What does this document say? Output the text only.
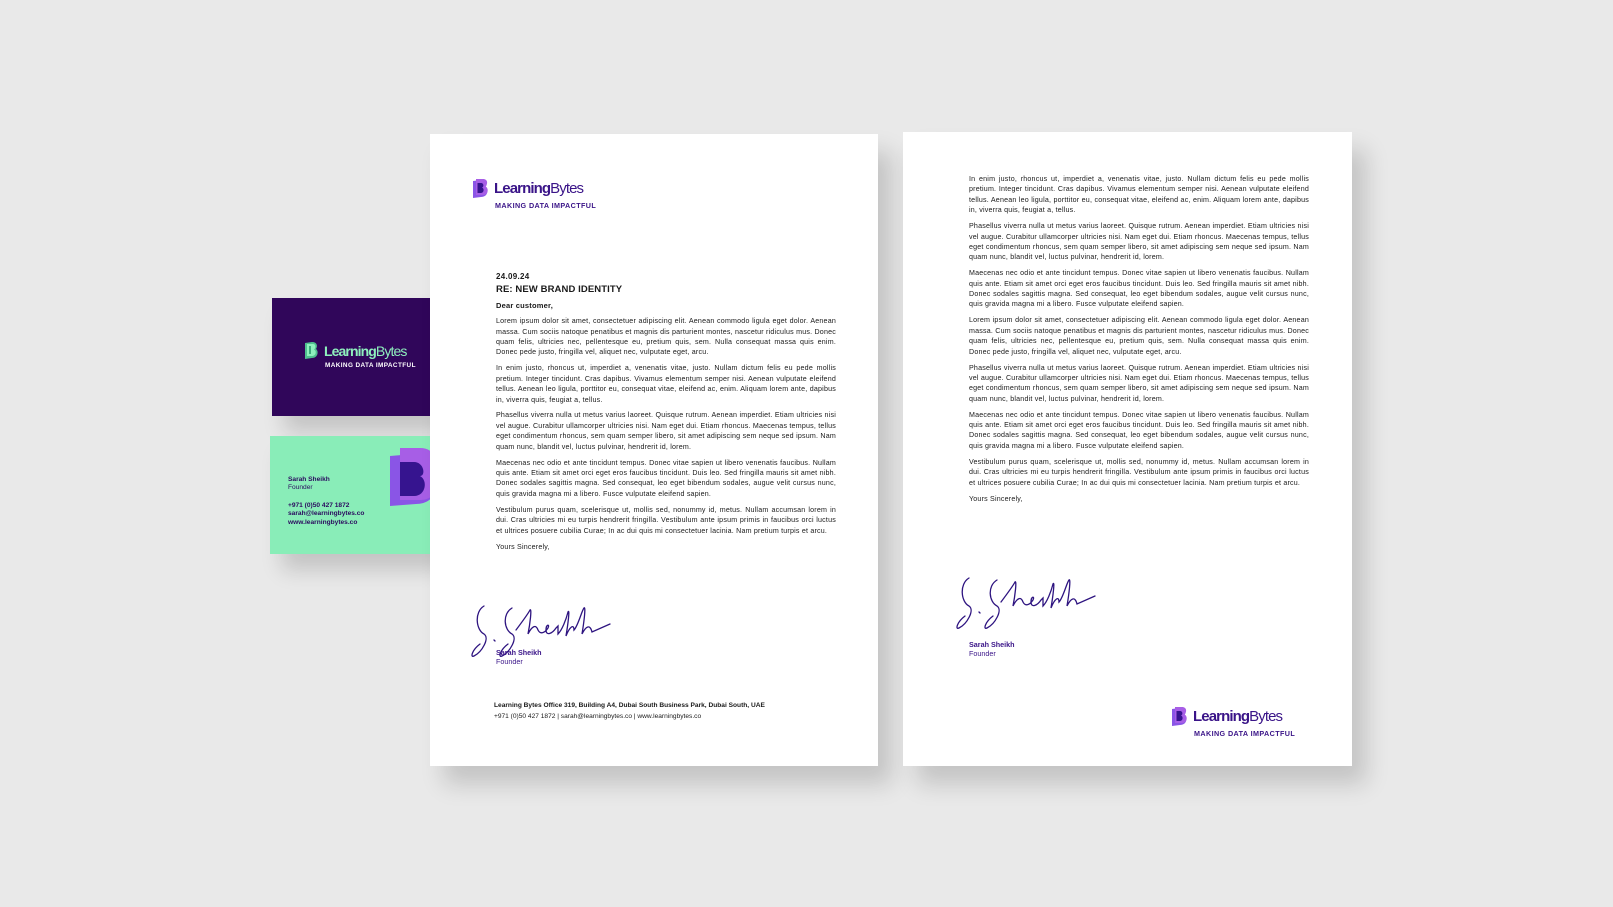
LearningBytes
MAKING DATA IMPACTFUL
Sarah Sheikh
Founder
+971 (0)50 427 1872
sarah@learningbytes.co
www.learningbytes.co
LearningBytes
MAKING DATA IMPACTFUL
24.09.24
RE: NEW BRAND IDENTITY
Dear customer,

Lorem ipsum dolor sit amet, consectetuer adipiscing elit. Aenean commodo ligula eget dolor. Aenean massa. Cum sociis natoque penatibus et magnis dis parturient montes, nascetur ridiculus mus. Donec quam felis, ultricies nec, pellentesque eu, pretium quis, sem. Nulla consequat massa quis enim. Donec pede justo, fringilla vel, aliquet nec, vulputate eget, arcu.

In enim justo, rhoncus ut, imperdiet a, venenatis vitae, justo. Nullam dictum felis eu pede mollis pretium. Integer tincidunt. Cras dapibus. Vivamus elementum semper nisi. Aenean vulputate eleifend tellus. Aenean leo ligula, porttitor eu, consequat vitae, eleifend ac, enim. Aliquam lorem ante, dapibus in, viverra quis, feugiat a, tellus.

Phasellus viverra nulla ut metus varius laoreet. Quisque rutrum. Aenean imperdiet. Etiam ultricies nisi vel augue. Curabitur ullamcorper ultricies nisi. Nam eget dui. Etiam rhoncus. Maecenas tempus, tellus eget condimentum rhoncus, sem quam semper libero, sit amet adipiscing sem neque sed ipsum. Nam quam nunc, blandit vel, luctus pulvinar, hendrerit id, lorem.

Maecenas nec odio et ante tincidunt tempus. Donec vitae sapien ut libero venenatis faucibus. Nullam quis ante. Etiam sit amet orci eget eros faucibus tincidunt. Duis leo. Sed fringilla mauris sit amet nibh. Donec sodales sagittis magna. Sed consequat, leo eget bibendum sodales, augue velit cursus nunc, quis gravida magna mi a libero. Fusce vulputate eleifend sapien.

Vestibulum purus quam, scelerisque ut, mollis sed, nonummy id, metus. Nullam accumsan lorem in dui. Cras ultricies mi eu turpis hendrerit fringilla. Vestibulum ante ipsum primis in faucibus orci luctus et ultrices posuere cubilia Curae; In ac dui quis mi consectetuer lacinia. Nam pretium turpis et arcu.

Yours Sincerely,
Sarah Sheikh
Founder
Learning Bytes Office 319, Building A4, Dubai South Business Park, Dubai South, UAE
+971 (0)50 427 1872 | sarah@learningbytes.co | www.learningbytes.co

In enim justo, rhoncus ut, imperdiet a, venenatis vitae, justo. Nullam dictum felis eu pede mollis pretium. Integer tincidunt. Cras dapibus. Vivamus elementum semper nisi. Aenean vulputate eleifend tellus. Aenean leo ligula, porttitor eu, consequat vitae, eleifend ac, enim. Aliquam lorem ante, dapibus in, viverra quis, feugiat a, tellus.

Phasellus viverra nulla ut metus varius laoreet. Quisque rutrum. Aenean imperdiet. Etiam ultricies nisi vel augue. Curabitur ullamcorper ultricies nisi. Nam eget dui. Etiam rhoncus. Maecenas tempus, tellus eget condimentum rhoncus, sem quam semper libero, sit amet adipiscing sem neque sed ipsum. Nam quam nunc, blandit vel, luctus pulvinar, hendrerit id, lorem.

Maecenas nec odio et ante tincidunt tempus. Donec vitae sapien ut libero venenatis faucibus. Nullam quis ante. Etiam sit amet orci eget eros faucibus tincidunt. Duis leo. Sed fringilla mauris sit amet nibh. Donec sodales sagittis magna. Sed consequat, leo eget bibendum sodales, augue velit cursus nunc, quis gravida magna mi a libero. Fusce vulputate eleifend sapien.

Lorem ipsum dolor sit amet, consectetuer adipiscing elit. Aenean commodo ligula eget dolor. Aenean massa. Cum sociis natoque penatibus et magnis dis parturient montes, nascetur ridiculus mus. Donec quam felis, ultricies nec, pellentesque eu, pretium quis, sem. Nulla consequat massa quis enim. Donec pede justo, fringilla vel, aliquet nec, vulputate eget, arcu.

Phasellus viverra nulla ut metus varius laoreet. Quisque rutrum. Aenean imperdiet. Etiam ultricies nisi vel augue. Curabitur ullamcorper ultricies nisi. Nam eget dui. Etiam rhoncus. Maecenas tempus, tellus eget condimentum rhoncus, sem quam semper libero, sit amet adipiscing sem neque sed ipsum. Nam quam nunc, blandit vel, luctus pulvinar, hendrerit id, lorem.

Maecenas nec odio et ante tincidunt tempus. Donec vitae sapien ut libero venenatis faucibus. Nullam quis ante. Etiam sit amet orci eget eros faucibus tincidunt. Duis leo. Sed fringilla mauris sit amet nibh. Donec sodales sagittis magna. Sed consequat, leo eget bibendum sodales, augue velit cursus nunc, quis gravida magna mi a libero. Fusce vulputate eleifend sapien.

Vestibulum purus quam, scelerisque ut, mollis sed, nonummy id, metus. Nullam accumsan lorem in dui. Cras ultricies mi eu turpis hendrerit fringilla. Vestibulum ante ipsum primis in faucibus orci luctus et ultrices posuere cubilia Curae; In ac dui quis mi consectetuer lacinia. Nam pretium turpis et arcu.

Yours Sincerely,
Sarah Sheikh
Founder
LearningBytes
MAKING DATA IMPACTFUL
